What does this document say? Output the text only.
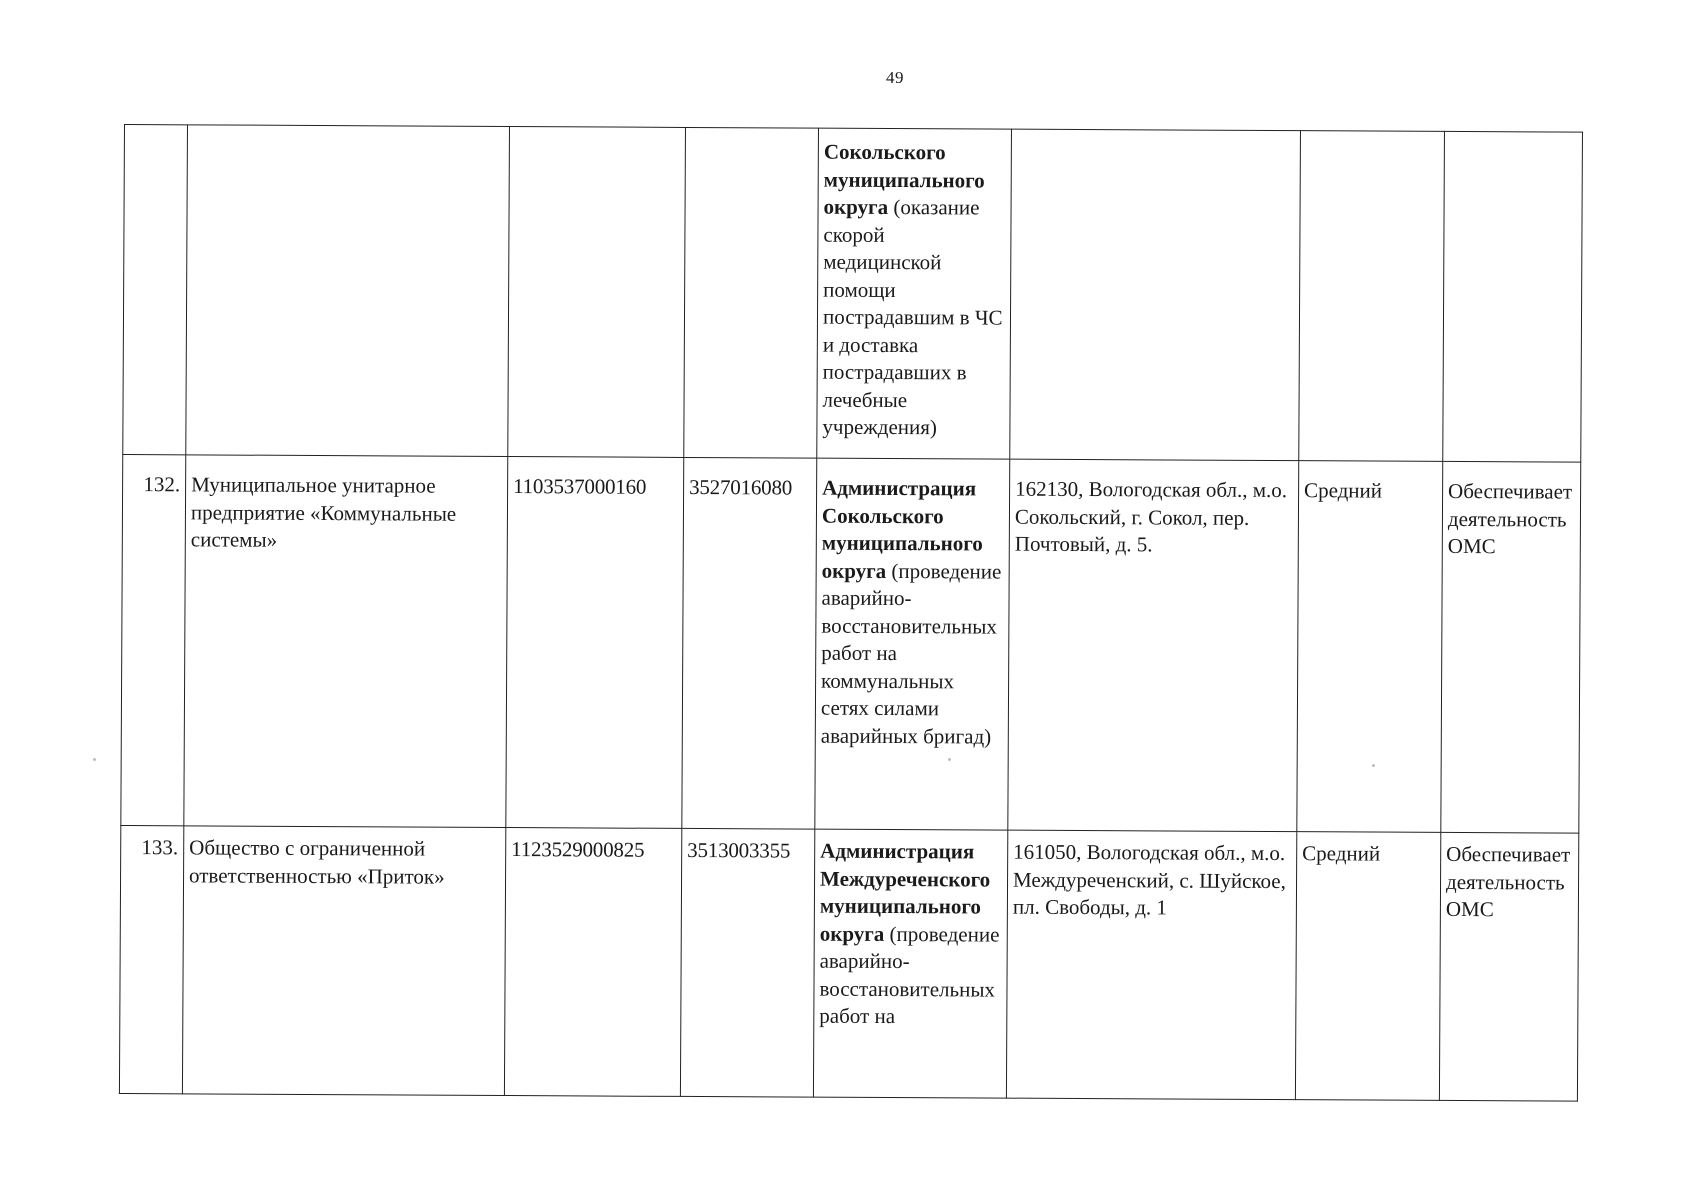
49
				Сокольского муниципального округа (оказание скорой медицинской помощи пострадавшим в ЧС и доставка пострадавших в лечебные учреждения)			
132.	Муниципальное унитарное предприятие «Коммунальные системы»	1103537000160	3527016080	Администрация Сокольского муниципального округа (проведение аварийно-восстановительных работ на коммунальных сетях силами аварийных бригад)	162130, Вологодская обл., м.о. Сокольский, г. Сокол, пер. Почтовый, д. 5.	Средний	Обеспечивает деятельность ОМС
133.	Общество с ограниченной ответственностью «Приток»	1123529000825	3513003355	Администрация Междуреченского муниципального округа (проведение аварийно-восстановительных работ на	161050, Вологодская обл., м.о. Междуреченский, с. Шуйское, пл. Свободы, д. 1	Средний	Обеспечивает деятельность ОМС
